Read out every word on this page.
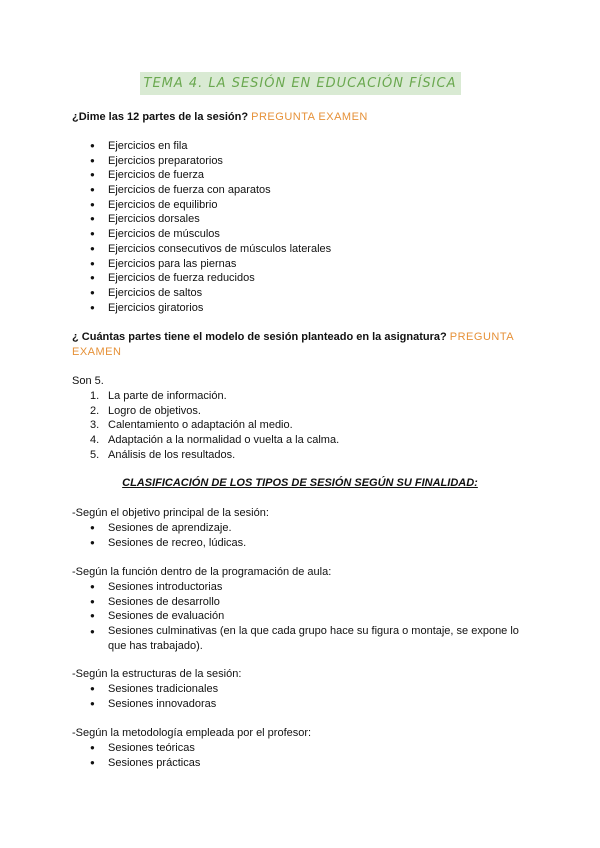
TEMA 4. LA SESIÓN EN EDUCACIÓN FÍSICA
¿Dime las 12 partes de la sesión? PREGUNTA EXAMEN
● Ejercicios en fila
● Ejercicios preparatorios
● Ejercicios de fuerza
● Ejercicios de fuerza con aparatos
● Ejercicios de equilibrio
● Ejercicios dorsales
● Ejercicios de músculos
● Ejercicios consecutivos de músculos laterales
● Ejercicios para las piernas
● Ejercicios de fuerza reducidos
● Ejercicios de saltos
● Ejercicios giratorios
¿ Cuántas partes tiene el modelo de sesión planteado en la asignatura? PREGUNTA EXAMEN
Son 5.
1. La parte de información.
2. Logro de objetivos.
3. Calentamiento o adaptación al medio.
4. Adaptación a la normalidad o vuelta a la calma.
5. Análisis de los resultados.
CLASIFICACIÓN DE LOS TIPOS DE SESIÓN SEGÚN SU FINALIDAD:
-Según el objetivo principal de la sesión:
● Sesiones de aprendizaje.
● Sesiones de recreo, lúdicas.
-Según la función dentro de la programación de aula:
● Sesiones introductorias
● Sesiones de desarrollo
● Sesiones de evaluación
● Sesiones culminativas (en la que cada grupo hace su figura o montaje, se expone lo que has trabajado).
-Según la estructuras de la sesión:
● Sesiones tradicionales
● Sesiones innovadoras
-Según la metodología empleada por el profesor:
● Sesiones teóricas
● Sesiones prácticas
